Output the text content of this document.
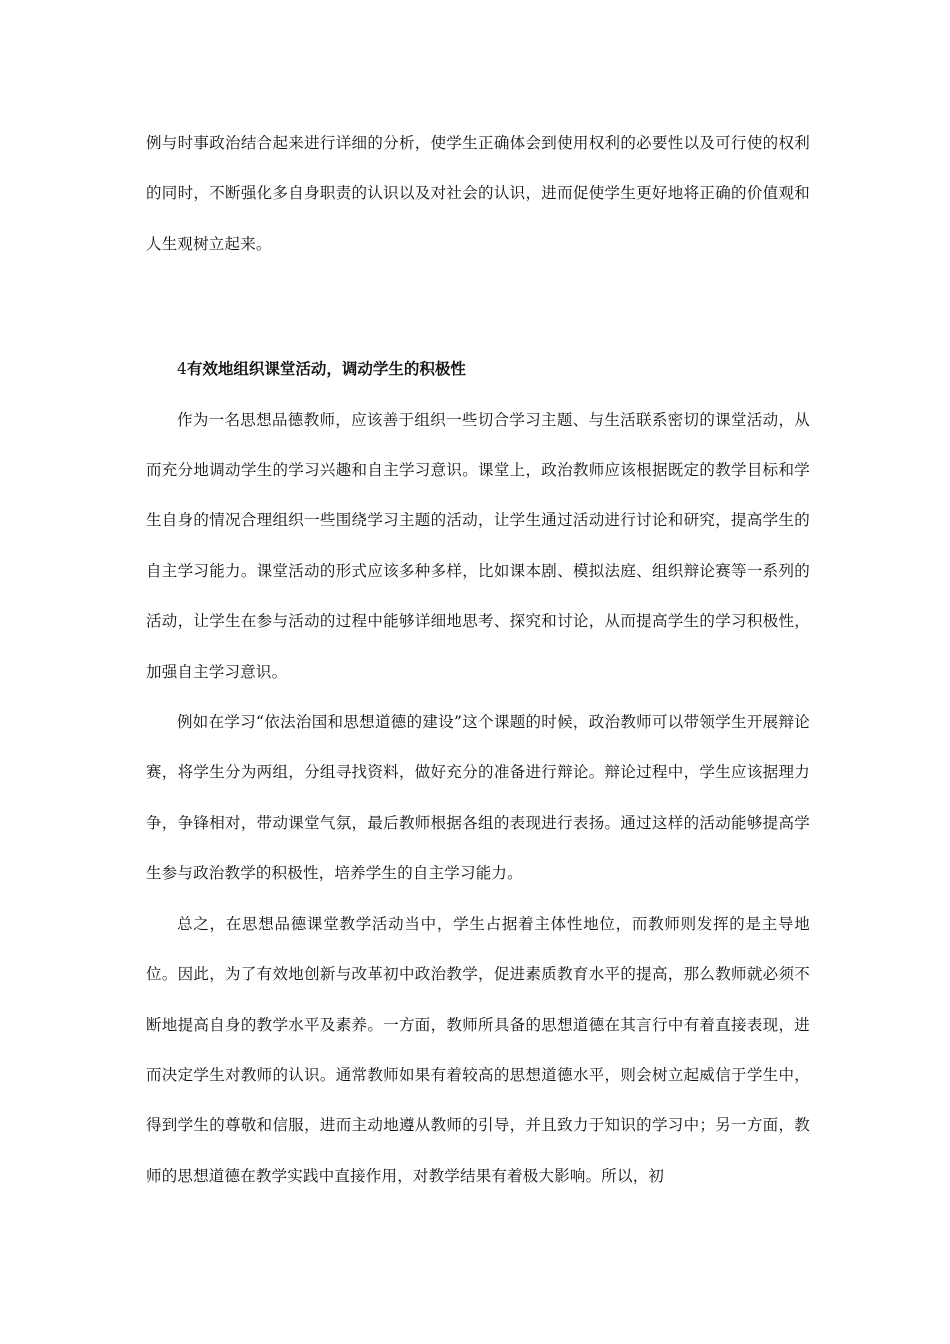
例与时事政治结合起来进行详细的分析，使学生正确体会到使用权利的必要性以及可行使的权利的同时，不断强化多自身职责的认识以及对社会的认识，进而促使学生更好地将正确的价值观和人生观树立起来。

4有效地组织课堂活动，调动学生的积极性

作为一名思想品德教师，应该善于组织一些切合学习主题、与生活联系密切的课堂活动，从而充分地调动学生的学习兴趣和自主学习意识。课堂上，政治教师应该根据既定的教学目标和学生自身的情况合理组织一些围绕学习主题的活动，让学生通过活动进行讨论和研究，提高学生的自主学习能力。课堂活动的形式应该多种多样，比如课本剧、模拟法庭、组织辩论赛等一系列的活动，让学生在参与活动的过程中能够详细地思考、探究和讨论，从而提高学生的学习积极性，加强自主学习意识。

例如在学习“依法治国和思想道德的建设”这个课题的时候，政治教师可以带领学生开展辩论赛，将学生分为两组，分组寻找资料，做好充分的准备进行辩论。辩论过程中，学生应该据理力争，争锋相对，带动课堂气氛，最后教师根据各组的表现进行表扬。通过这样的活动能够提高学生参与政治教学的积极性，培养学生的自主学习能力。

总之，在思想品德课堂教学活动当中，学生占据着主体性地位，而教师则发挥的是主导地位。因此，为了有效地创新与改革初中政治教学，促进素质教育水平的提高，那么教师就必须不断地提高自身的教学水平及素养。一方面，教师所具备的思想道德在其言行中有着直接表现，进而决定学生对教师的认识。通常教师如果有着较高的思想道德水平，则会树立起威信于学生中，得到学生的尊敬和信服，进而主动地遵从教师的引导，并且致力于知识的学习中；另一方面，教师的思想道德在教学实践中直接作用，对教学结果有着极大影响。所以，初
